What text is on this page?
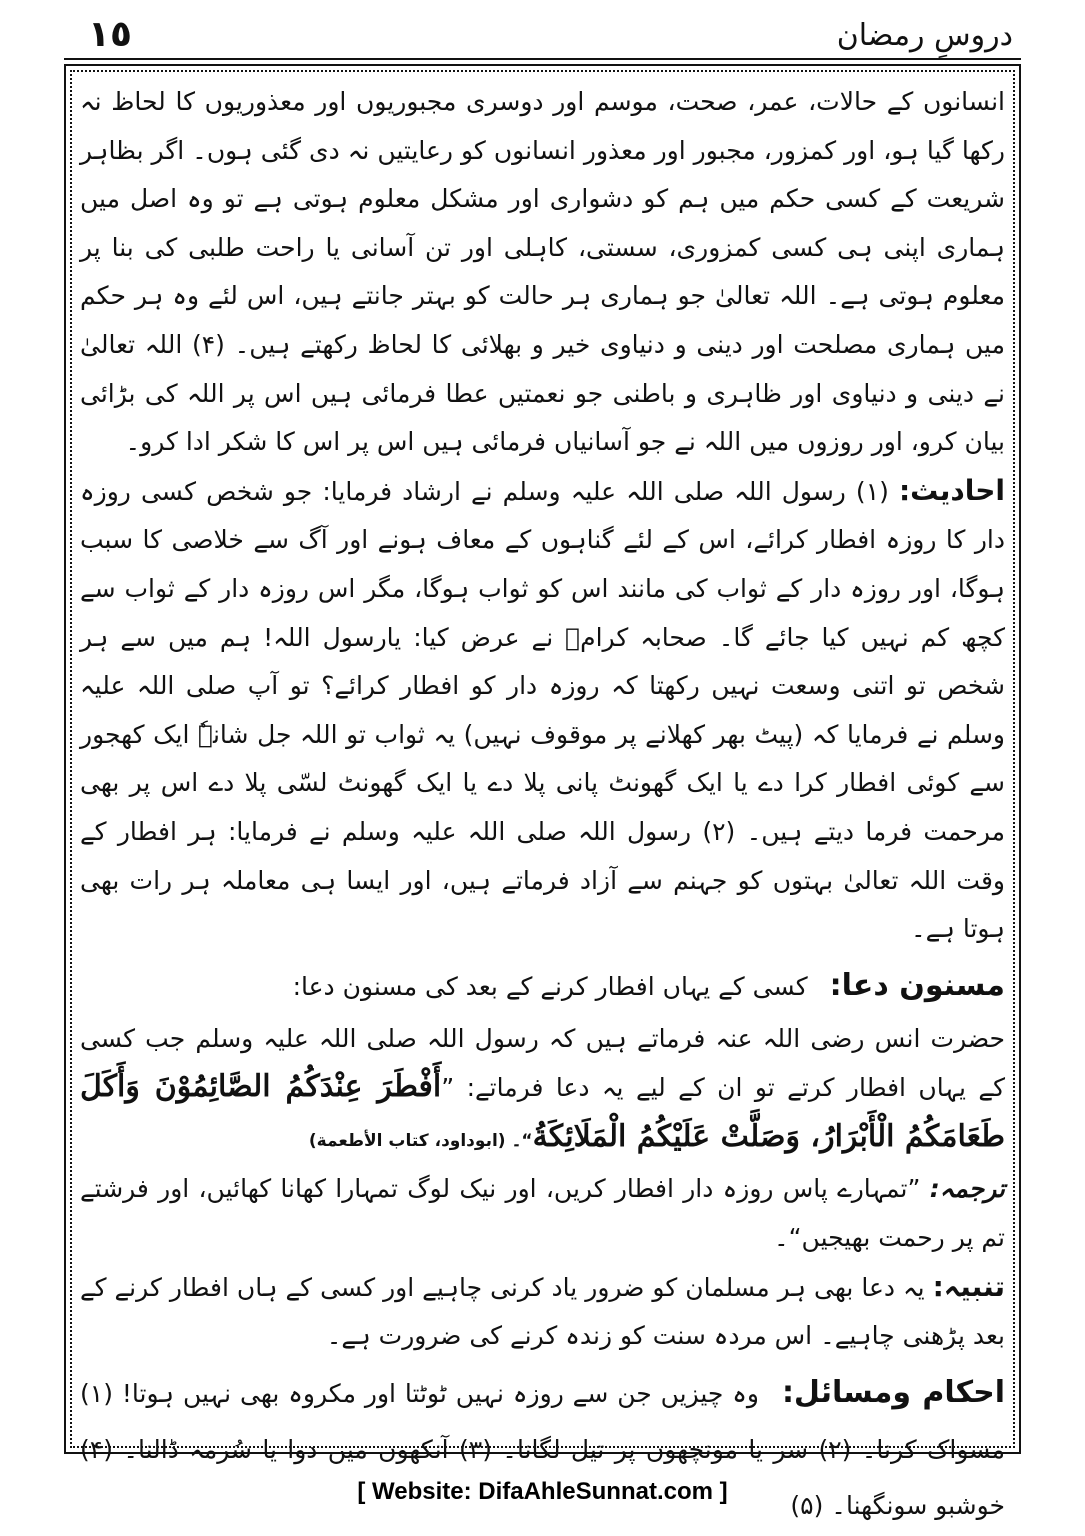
١٥	دروسِ رمضان

انسانوں کے حالات، عمر، صحت، موسم اور دوسری مجبوریوں اور معذوریوں کا لحاظ نہ رکھا گیا ہو، اور کمزور، مجبور اور معذور انسانوں کو رعایتیں نہ دی گئی ہوں۔ اگر بظاہر شریعت کے کسی حکم میں ہم کو دشواری اور مشکل معلوم ہوتی ہے تو وہ اصل میں ہماری اپنی ہی کسی کمزوری، سستی، کاہلی اور تن آسانی یا راحت طلبی کی بنا پر معلوم ہوتی ہے۔ اللہ تعالیٰ جو ہماری ہر حالت کو بہتر جانتے ہیں، اس لئے وہ ہر حکم میں ہماری مصلحت اور دینی و دنیاوی خیر و بھلائی کا لحاظ رکھتے ہیں۔ (۴) اللہ تعالیٰ نے دینی و دنیاوی اور ظاہری و باطنی جو نعمتیں عطا فرمائی ہیں اس پر اللہ کی بڑائی بیان کرو، اور روزوں میں اللہ نے جو آسانیاں فرمائی ہیں اس پر اس کا شکر ادا کرو۔

احادیث: (۱) رسول اللہ صلی اللہ علیہ وسلم نے ارشاد فرمایا: جو شخص کسی روزہ دار کا روزہ افطار کرائے، اس کے لئے گناہوں کے معاف ہونے اور آگ سے خلاصی کا سبب ہوگا، اور روزہ دار کے ثواب کی مانند اس کو ثواب ہوگا، مگر اس روزہ دار کے ثواب سے کچھ کم نہیں کیا جائے گا۔ صحابہ کرامؓ نے عرض کیا: یارسول اللہ! ہم میں سے ہر شخص تو اتنی وسعت نہیں رکھتا کہ روزہ دار کو افطار کرائے؟ تو آپ صلی اللہ علیہ وسلم نے فرمایا کہ (پیٹ بھر کھلانے پر موقوف نہیں) یہ ثواب تو اللہ جل شانہٗ ایک کھجور سے کوئی افطار کرا دے یا ایک گھونٹ پانی پلا دے یا ایک گھونٹ لسّی پلا دے اس پر بھی مرحمت فرما دیتے ہیں۔ (۲) رسول اللہ صلی اللہ علیہ وسلم نے فرمایا: ہر افطار کے وقت اللہ تعالیٰ بہتوں کو جہنم سے آزاد فرماتے ہیں، اور ایسا ہی معاملہ ہر رات بھی ہوتا ہے۔

مسنون دعا: کسی کے یہاں افطار کرنے کے بعد کی مسنون دعا:

حضرت انس رضی اللہ عنہ فرماتے ہیں کہ رسول اللہ صلی اللہ علیہ وسلم جب کسی کے یہاں افطار کرتے تو ان کے لیے یہ دعا فرماتے: ”أَفْطَرَ عِنْدَكُمُ الصَّائِمُوْنَ وَأَكَلَ طَعَامَكُمُ الْأَبْرَارُ، وَصَلَّتْ عَلَيْكُمُ الْمَلَائِكَةُ“۔ (ابوداود، کتاب الأطعمة)

ترجمہ: ”تمہارے پاس روزہ دار افطار کریں، اور نیک لوگ تمہارا کھانا کھائیں، اور فرشتے تم پر رحمت بھیجیں“۔

تنبیہ: یہ دعا بھی ہر مسلمان کو ضرور یاد کرنی چاہیے اور کسی کے ہاں افطار کرنے کے بعد پڑھنی چاہیے۔ اس مردہ سنت کو زندہ کرنے کی ضرورت ہے۔

احکام ومسائل: وہ چیزیں جن سے روزہ نہیں ٹوٹتا اور مکروہ بھی نہیں ہوتا! (۱) مسواک کرنا۔ (۲) سر یا مونچھوں پر تیل لگانا۔ (۳) آنکھوں میں دوا یا سُرمہ ڈالنا۔ (۴) خوشبو سونگھنا۔ (۵)

[ Website: DifaAhleSunnat.com ]
